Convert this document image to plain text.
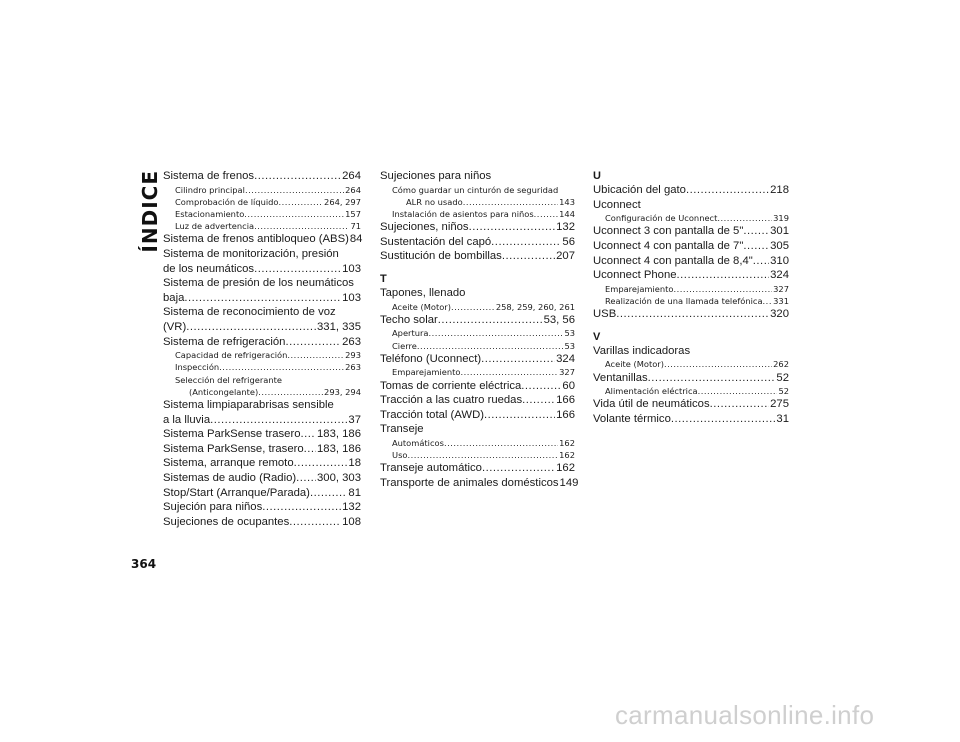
ÍNDICE Sistema de frenos .....	264
Cilindro principal .....	264
Comprobación de líquido .....	264, 297
Estacionamiento .....	157
Luz de advertencia .....	71
Sistema de frenos antibloqueo (ABS) 84
Sistema de monitorización, presión
de los neumáticos .....	103
Sistema de presión de los neumáticos
baja .....	103
Sistema de reconocimiento de voz
(VR) .....	331, 335
Sistema de refrigeración .....	263
Capacidad de refrigeración .....	293
Inspección .....	263
Selección del refrigerante
(Anticongelante) .....	293, 294
Sistema limpiaparabrisas sensible
a la lluvia .....	37
Sistema ParkSense trasero ..... 183, 186
Sistema ParkSense, trasero ..... 183, 186
Sistema, arranque remoto .....	18
Sistemas de audio (Radio) ..... 300, 303
Stop/Start (Arranque/Parada) .....	81
Sujeción para niños .....	132
Sujeciones de ocupantes .....	108
Sujeciones para niños
Cómo guardar un cinturón de seguridad
ALR no usado .....	143
Instalación de asientos para niños .....	144
Sujeciones, niños .....	132
Sustentación del capó .....	56
Sustitución de bombillas .....	207
T
Tapones, llenado
Aceite (Motor) .....	258, 259, 260, 261
Techo solar .....	53, 56
Apertura .....	53
Cierre .....	53
Teléfono (Uconnect) .....	324
Emparejamiento .....	327
Tomas de corriente eléctrica .....	60
Tracción a las cuatro ruedas .....	166
Tracción total (AWD) .....	166
Transeje
Automáticos .....	162
Uso .....	162
Transeje automático .....	162
Transporte de animales domésticos 149
U
Ubicación del gato .....	218
Uconnect
Configuración de Uconnect .....	319
Uconnect 3 con pantalla de 5" ..... 301
Uconnect 4 con pantalla de 7" ..... 305
Uconnect 4 con pantalla de 8,4" ..... 310
Uconnect Phone .....	324
Emparejamiento .....	327
Realización de una llamada telefónica ..... 331
USB .....	320
V
Varillas indicadoras
Aceite (Motor) .....	262
Ventanillas .....	52
Alimentación eléctrica .....	52
Vida útil de neumáticos .....	275
Volante térmico .....	31
364
carmanualsonline.info
